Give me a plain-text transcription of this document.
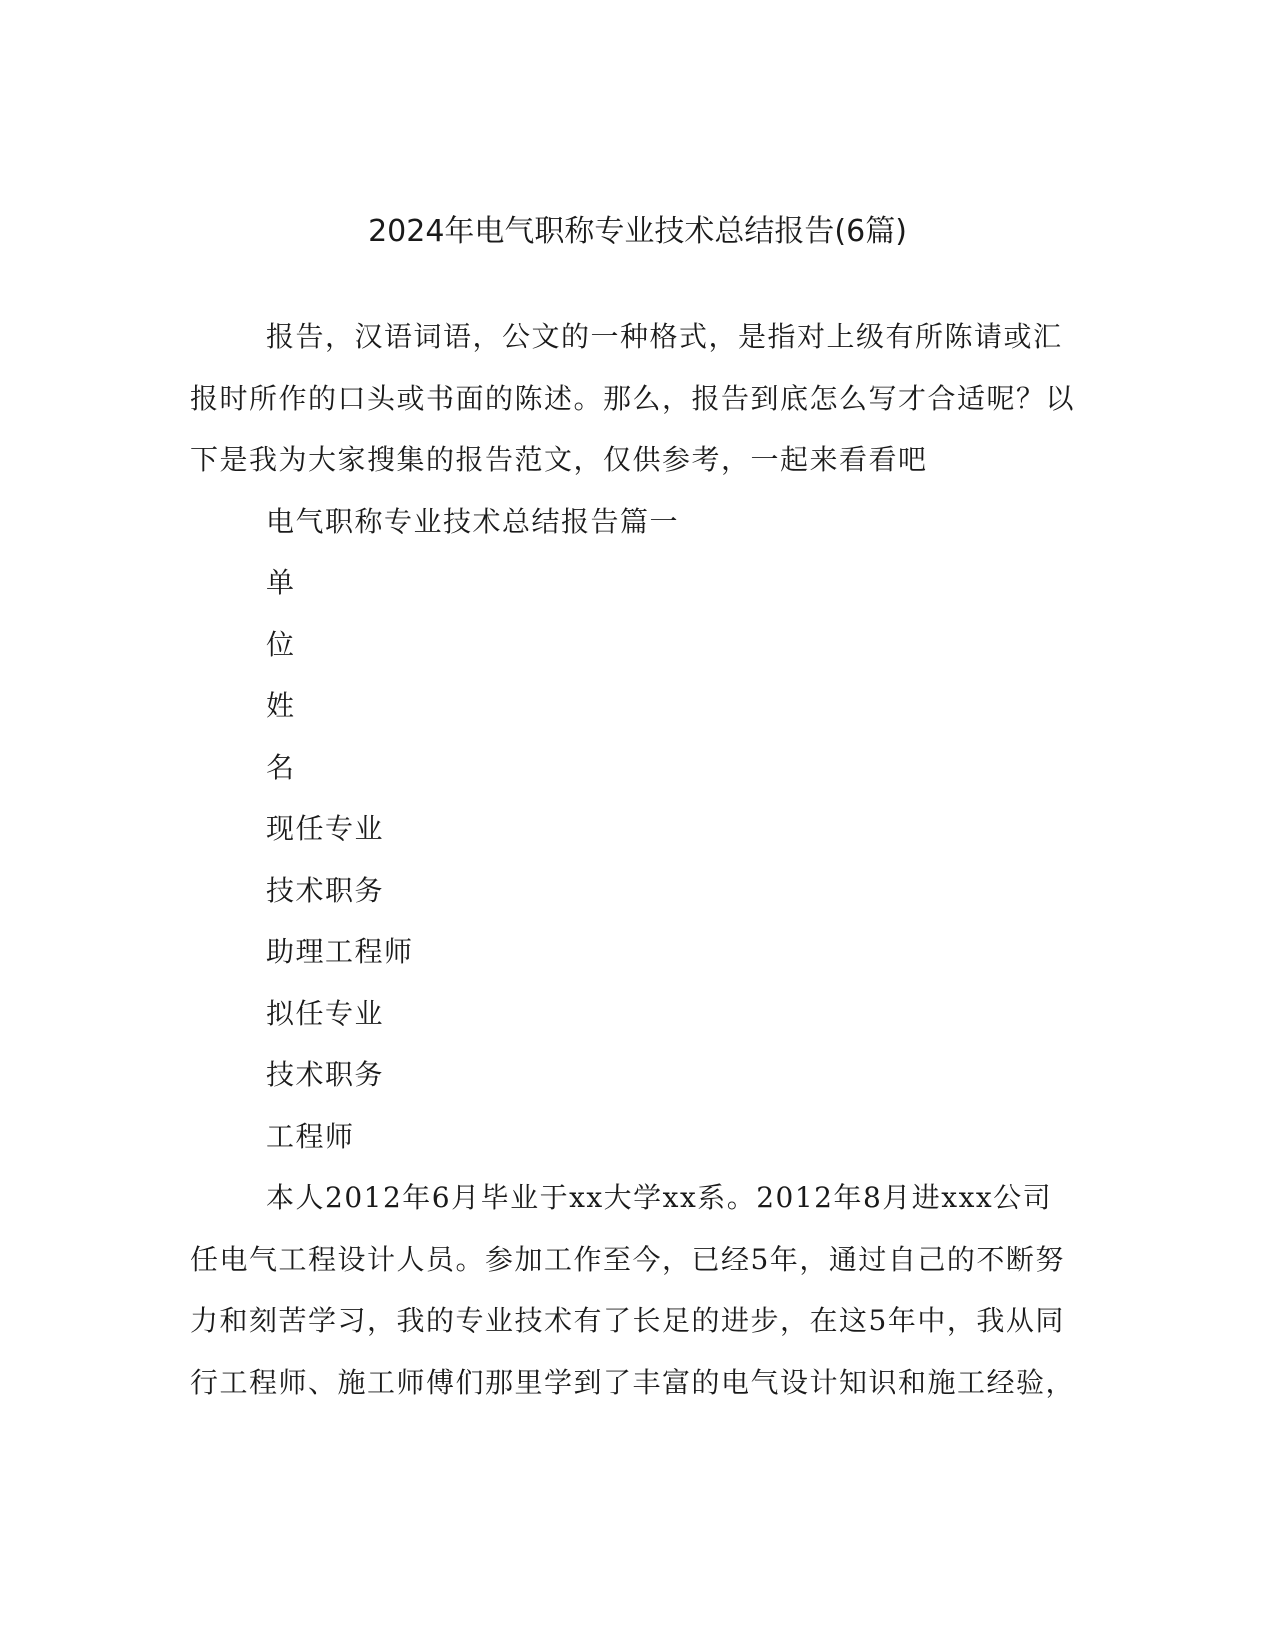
2024年电气职称专业技术总结报告(6篇)

报告，汉语词语，公文的一种格式，是指对上级有所陈请或汇报时所作的口头或书面的陈述。那么，报告到底怎么写才合适呢？以下是我为大家搜集的报告范文，仅供参考，一起来看看吧

电气职称专业技术总结报告篇一

单

位

姓

名

现任专业

技术职务

助理工程师

拟任专业

技术职务

工程师

本人2012年6月毕业于xx大学xx系。2012年8月进xxx公司任电气工程设计人员。参加工作至今，已经5年，通过自己的不断努力和刻苦学习，我的专业技术有了长足的进步，在这5年中，我从同行工程师、施工师傅们那里学到了丰富的电气设计知识和施工经验，
